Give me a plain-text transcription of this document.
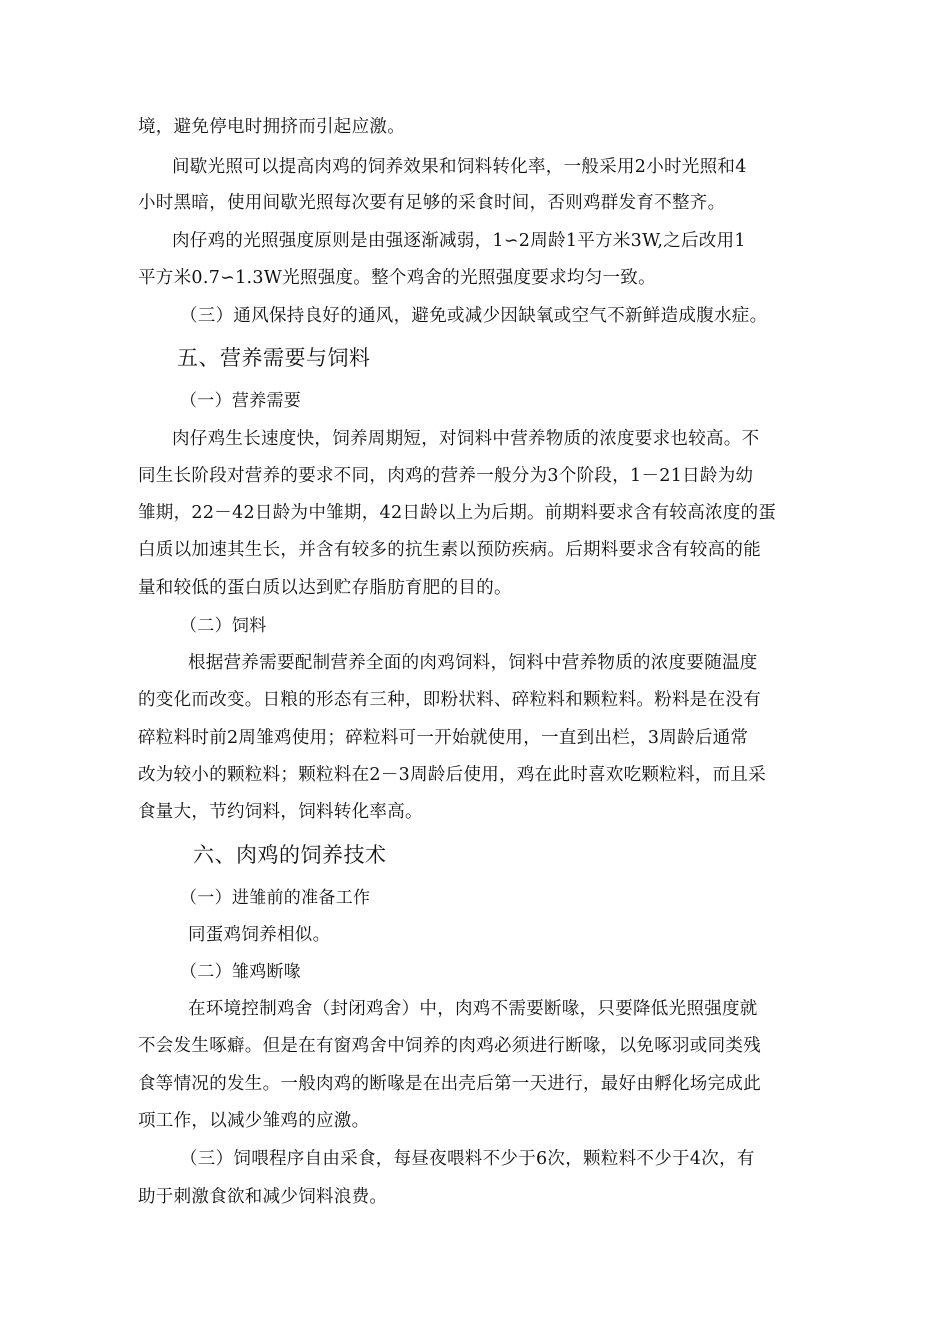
境，避免停电时拥挤而引起应激。
间歇光照可以提高肉鸡的饲养效果和饲料转化率，一般采用2小时光照和4
小时黑暗，使用间歇光照每次要有足够的采食时间，否则鸡群发育不整齐。
肉仔鸡的光照强度原则是由强逐渐减弱，1∽2周龄1平方米3W,之后改用1
平方米0.7∽1.3W光照强度。整个鸡舍的光照强度要求均匀一致。
（三）通风保持良好的通风，避免或减少因缺氧或空气不新鲜造成腹水症。
五、营养需要与饲料
（一）营养需要
肉仔鸡生长速度快，饲养周期短，对饲料中营养物质的浓度要求也较高。不
同生长阶段对营养的要求不同，肉鸡的营养一般分为3个阶段，1－21日龄为幼
雏期，22－42日龄为中雏期，42日龄以上为后期。前期料要求含有较高浓度的蛋
白质以加速其生长，并含有较多的抗生素以预防疾病。后期料要求含有较高的能
量和较低的蛋白质以达到贮存脂肪育肥的目的。
（二）饲料
根据营养需要配制营养全面的肉鸡饲料，饲料中营养物质的浓度要随温度
的变化而改变。日粮的形态有三种，即粉状料、碎粒料和颗粒料。粉料是在没有
碎粒料时前2周雏鸡使用；碎粒料可一开始就使用，一直到出栏，3周龄后通常
改为较小的颗粒料；颗粒料在2－3周龄后使用，鸡在此时喜欢吃颗粒料，而且采
食量大，节约饲料，饲料转化率高。
六、肉鸡的饲养技术
（一）进雏前的准备工作
同蛋鸡饲养相似。
（二）雏鸡断喙
在环境控制鸡舍（封闭鸡舍）中，肉鸡不需要断喙，只要降低光照强度就
不会发生啄癖。但是在有窗鸡舍中饲养的肉鸡必须进行断喙，以免啄羽或同类残
食等情况的发生。一般肉鸡的断喙是在出壳后第一天进行，最好由孵化场完成此
项工作，以减少雏鸡的应激。
（三）饲喂程序自由采食，每昼夜喂料不少于6次，颗粒料不少于4次，有
助于刺激食欲和减少饲料浪费。
